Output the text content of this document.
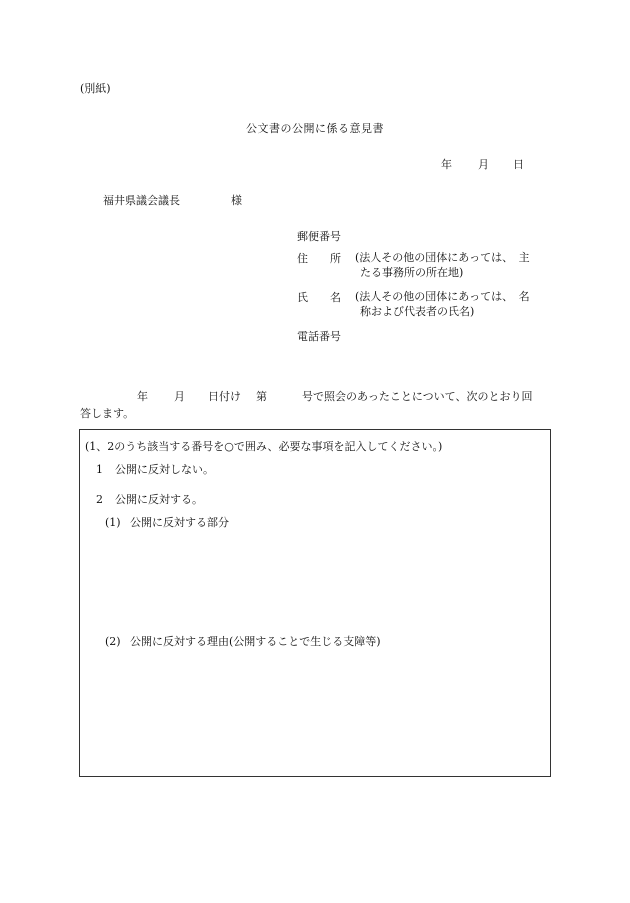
(別紙)
公文書の公開に係る意見書
年 月 日
福井県議会議長	様
郵便番号
住　　所 (法人その他の団体にあっては、　主
たる事務所の所在地)
氏　　名 (法人その他の団体にあっては、　名
称および代表者の氏名)
電話番号
年 月 日付け 第	号で照会のあったことについて、次のとおり回
答します。
(1、2のうち該当する番号を○で囲み、必要な事項を記入してください。)
1 公開に反対しない。
2 公開に反対する。
(1) 公開に反対する部分
(2) 公開に反対する理由(公開することで生じる支障等)
